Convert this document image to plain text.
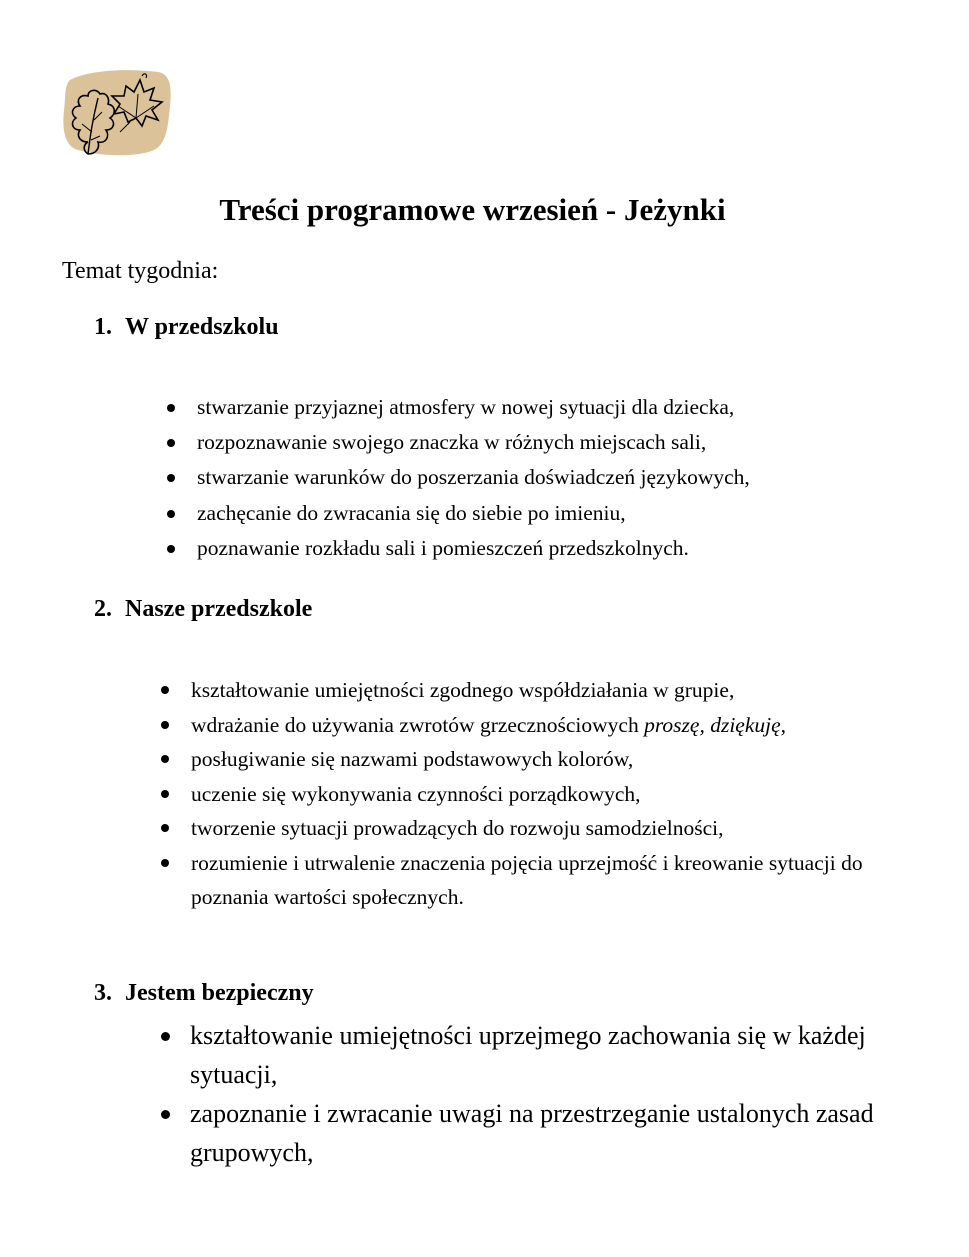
Treści programowe wrzesień - Jeżynki

Temat tygodnia:

1. W przedszkolu
stwarzanie przyjaznej atmosfery w nowej sytuacji dla dziecka,
rozpoznawanie swojego znaczka w różnych miejscach sali,
stwarzanie warunków do poszerzania doświadczeń językowych,
zachęcanie do zwracania się do siebie po imieniu,
poznawanie rozkładu sali i pomieszczeń przedszkolnych.
2. Nasze przedszkole
kształtowanie umiejętności zgodnego współdziałania w grupie,
wdrażanie do używania zwrotów grzecznościowych proszę, dziękuję,
posługiwanie się nazwami podstawowych kolorów,
uczenie się wykonywania czynności porządkowych,
tworzenie sytuacji prowadzących do rozwoju samodzielności,
rozumienie i utrwalenie znaczenia pojęcia uprzejmość i kreowanie sytuacji do poznania wartości społecznych.
3. Jestem bezpieczny
kształtowanie umiejętności uprzejmego zachowania się w każdej sytuacji,
zapoznanie i zwracanie uwagi na przestrzeganie ustalonych zasad grupowych,
